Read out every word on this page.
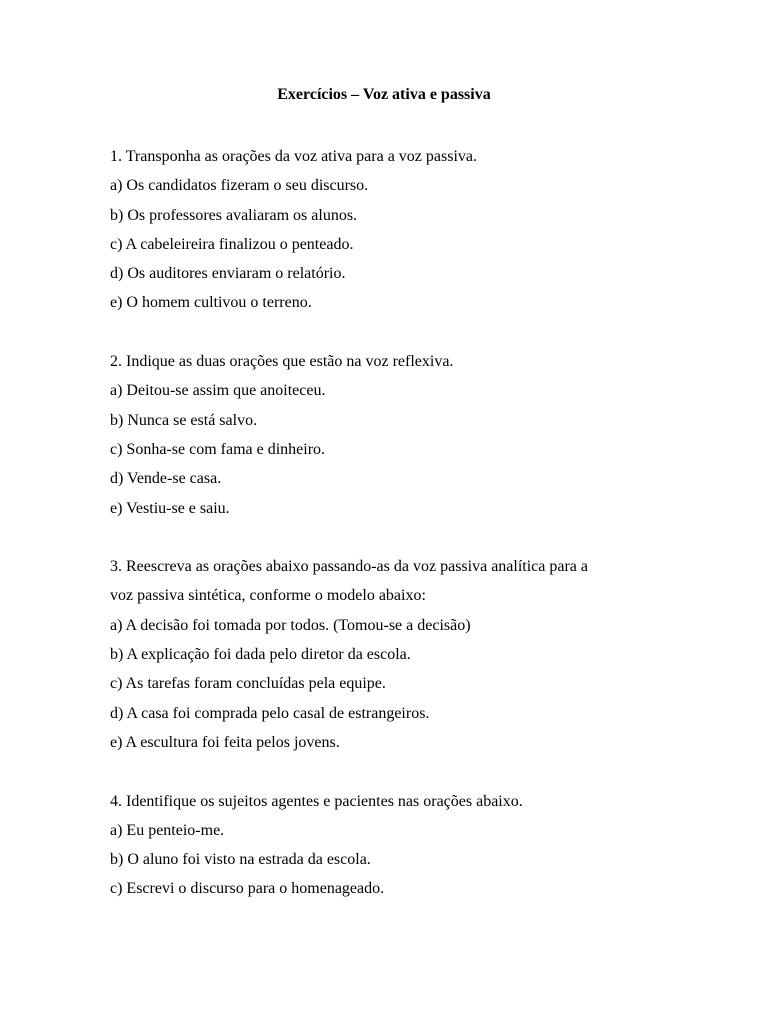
Exercícios – Voz ativa e passiva
1. Transponha as orações da voz ativa para a voz passiva.
a) Os candidatos fizeram o seu discurso.
b) Os professores avaliaram os alunos.
c) A cabeleireira finalizou o penteado.
d) Os auditores enviaram o relatório.
e) O homem cultivou o terreno.
2. Indique as duas orações que estão na voz reflexiva.
a) Deitou-se assim que anoiteceu.
b) Nunca se está salvo.
c) Sonha-se com fama e dinheiro.
d) Vende-se casa.
e) Vestiu-se e saiu.
3. Reescreva as orações abaixo passando-as da voz passiva analítica para a
voz passiva sintética, conforme o modelo abaixo:
a) A decisão foi tomada por todos. (Tomou-se a decisão)
b) A explicação foi dada pelo diretor da escola.
c) As tarefas foram concluídas pela equipe.
d) A casa foi comprada pelo casal de estrangeiros.
e) A escultura foi feita pelos jovens.
4. Identifique os sujeitos agentes e pacientes nas orações abaixo.
a) Eu penteio-me.
b) O aluno foi visto na estrada da escola.
c) Escrevi o discurso para o homenageado.
